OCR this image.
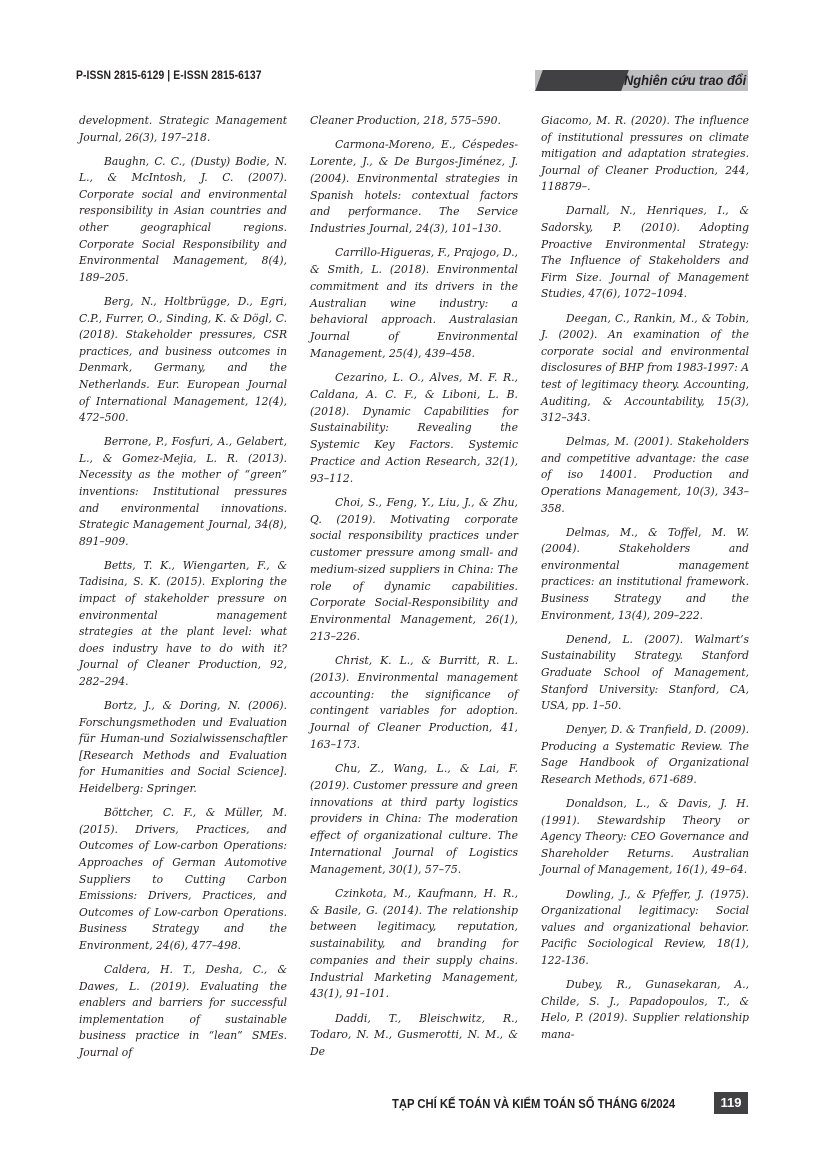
P-ISSN 2815-6129 | E-ISSN 2815-6137	Nghiên cứu trao đổi

development. Strategic Management Journal, 26(3), 197–218.

Baughn, C. C., (Dusty) Bodie, N. L., & McIntosh, J. C. (2007). Corporate social and environmental responsibility in Asian countries and other geographical regions. Corporate Social Responsibility and Environmental Management, 8(4), 189–205.

Berg, N., Holtbrügge, D., Egri, C.P., Furrer, O., Sinding, K. & Dögl, C. (2018). Stakeholder pressures, CSR practices, and business outcomes in Denmark, Germany, and the Netherlands. Eur. European Journal of International Management, 12(4), 472–500.

Berrone, P., Fosfuri, A., Gelabert, L., & Gomez-Mejia, L. R. (2013). Necessity as the mother of “green” inventions: Institutional pressures and environmental innovations. Strategic Management Journal, 34(8), 891–909.

Betts, T. K., Wiengarten, F., & Tadisina, S. K. (2015). Exploring the impact of stakeholder pressure on environmental management strategies at the plant level: what does industry have to do with it? Journal of Cleaner Production, 92, 282–294.

Bortz, J., & Doring, N. (2006). Forschungsmethoden und Evaluation für Human-und Sozialwissenschaftler [Research Methods and Evaluation for Humanities and Social Science]. Heidelberg: Springer.

Böttcher, C. F., & Müller, M. (2015). Drivers, Practices, and Outcomes of Low-carbon Operations: Approaches of German Automotive Suppliers to Cutting Carbon Emissions: Drivers, Practices, and Outcomes of Low-carbon Operations. Business Strategy and the Environment, 24(6), 477–498.

Caldera, H. T., Desha, C., & Dawes, L. (2019). Evaluating the enablers and barriers for successful implementation of sustainable business practice in “lean” SMEs. Journal of

Cleaner Production, 218, 575–590.

Carmona-Moreno, E., Céspedes-Lorente, J., & De Burgos-Jiménez, J. (2004). Environmental strategies in Spanish hotels: contextual factors and performance. The Service Industries Journal, 24(3), 101–130.

Carrillo-Higueras, F., Prajogo, D., & Smith, L. (2018). Environmental commitment and its drivers in the Australian wine industry: a behavioral approach. Australasian Journal of Environmental Management, 25(4), 439–458.

Cezarino, L. O., Alves, M. F. R., Caldana, A. C. F., & Liboni, L. B. (2018). Dynamic Capabilities for Sustainability: Revealing the Systemic Key Factors. Systemic Practice and Action Research, 32(1), 93–112.

Choi, S., Feng, Y., Liu, J., & Zhu, Q. (2019). Motivating corporate social responsibility practices under customer pressure among small- and medium-sized suppliers in China: The role of dynamic capabilities. Corporate Social-Responsibility and Environmental Management, 26(1), 213–226.

Christ, K. L., & Burritt, R. L. (2013). Environmental management accounting: the significance of contingent variables for adoption. Journal of Cleaner Production, 41, 163–173.

Chu, Z., Wang, L., & Lai, F. (2019). Customer pressure and green innovations at third party logistics providers in China: The moderation effect of organizational culture. The International Journal of Logistics Management, 30(1), 57–75.

Czinkota, M., Kaufmann, H. R., & Basile, G. (2014). The relationship between legitimacy, reputation, sustainability, and branding for companies and their supply chains. Industrial Marketing Management, 43(1), 91–101.

Daddi, T., Bleischwitz, R., Todaro, N. M., Gusmerotti, N. M., & De

Giacomo, M. R. (2020). The influence of institutional pressures on climate mitigation and adaptation strategies. Journal of Cleaner Production, 244, 118879–.

Darnall, N., Henriques, I., & Sadorsky, P. (2010). Adopting Proactive Environmental Strategy: The Influence of Stakeholders and Firm Size. Journal of Management Studies, 47(6), 1072–1094.

Deegan, C., Rankin, M., & Tobin, J. (2002). An examination of the corporate social and environmental disclosures of BHP from 1983-1997: A test of legitimacy theory. Accounting, Auditing, & Accountability, 15(3), 312–343.

Delmas, M. (2001). Stakeholders and competitive advantage: the case of iso 14001. Production and Operations Management, 10(3), 343–358.

Delmas, M., & Toffel, M. W. (2004). Stakeholders and environmental management practices: an institutional framework. Business Strategy and the Environment, 13(4), 209–222.

Denend, L. (2007). Walmart’s Sustainability Strategy. Stanford Graduate School of Management, Stanford University: Stanford, CA, USA, pp. 1–50.

Denyer, D. & Tranfield, D. (2009). Producing a Systematic Review. The Sage Handbook of Organizational Research Methods, 671-689.

Donaldson, L., & Davis, J. H. (1991). Stewardship Theory or Agency Theory: CEO Governance and Shareholder Returns. Australian Journal of Management, 16(1), 49–64.

Dowling, J., & Pfeffer, J. (1975). Organizational legitimacy: Social values and organizational behavior. Pacific Sociological Review, 18(1), 122-136.

Dubey, R., Gunasekaran, A., Childe, S. J., Papadopoulos, T., & Helo, P. (2019). Supplier relationship mana-

TẠP CHÍ KẾ TOÁN VÀ KIỂM TOÁN SỐ THÁNG 6/2024	119
